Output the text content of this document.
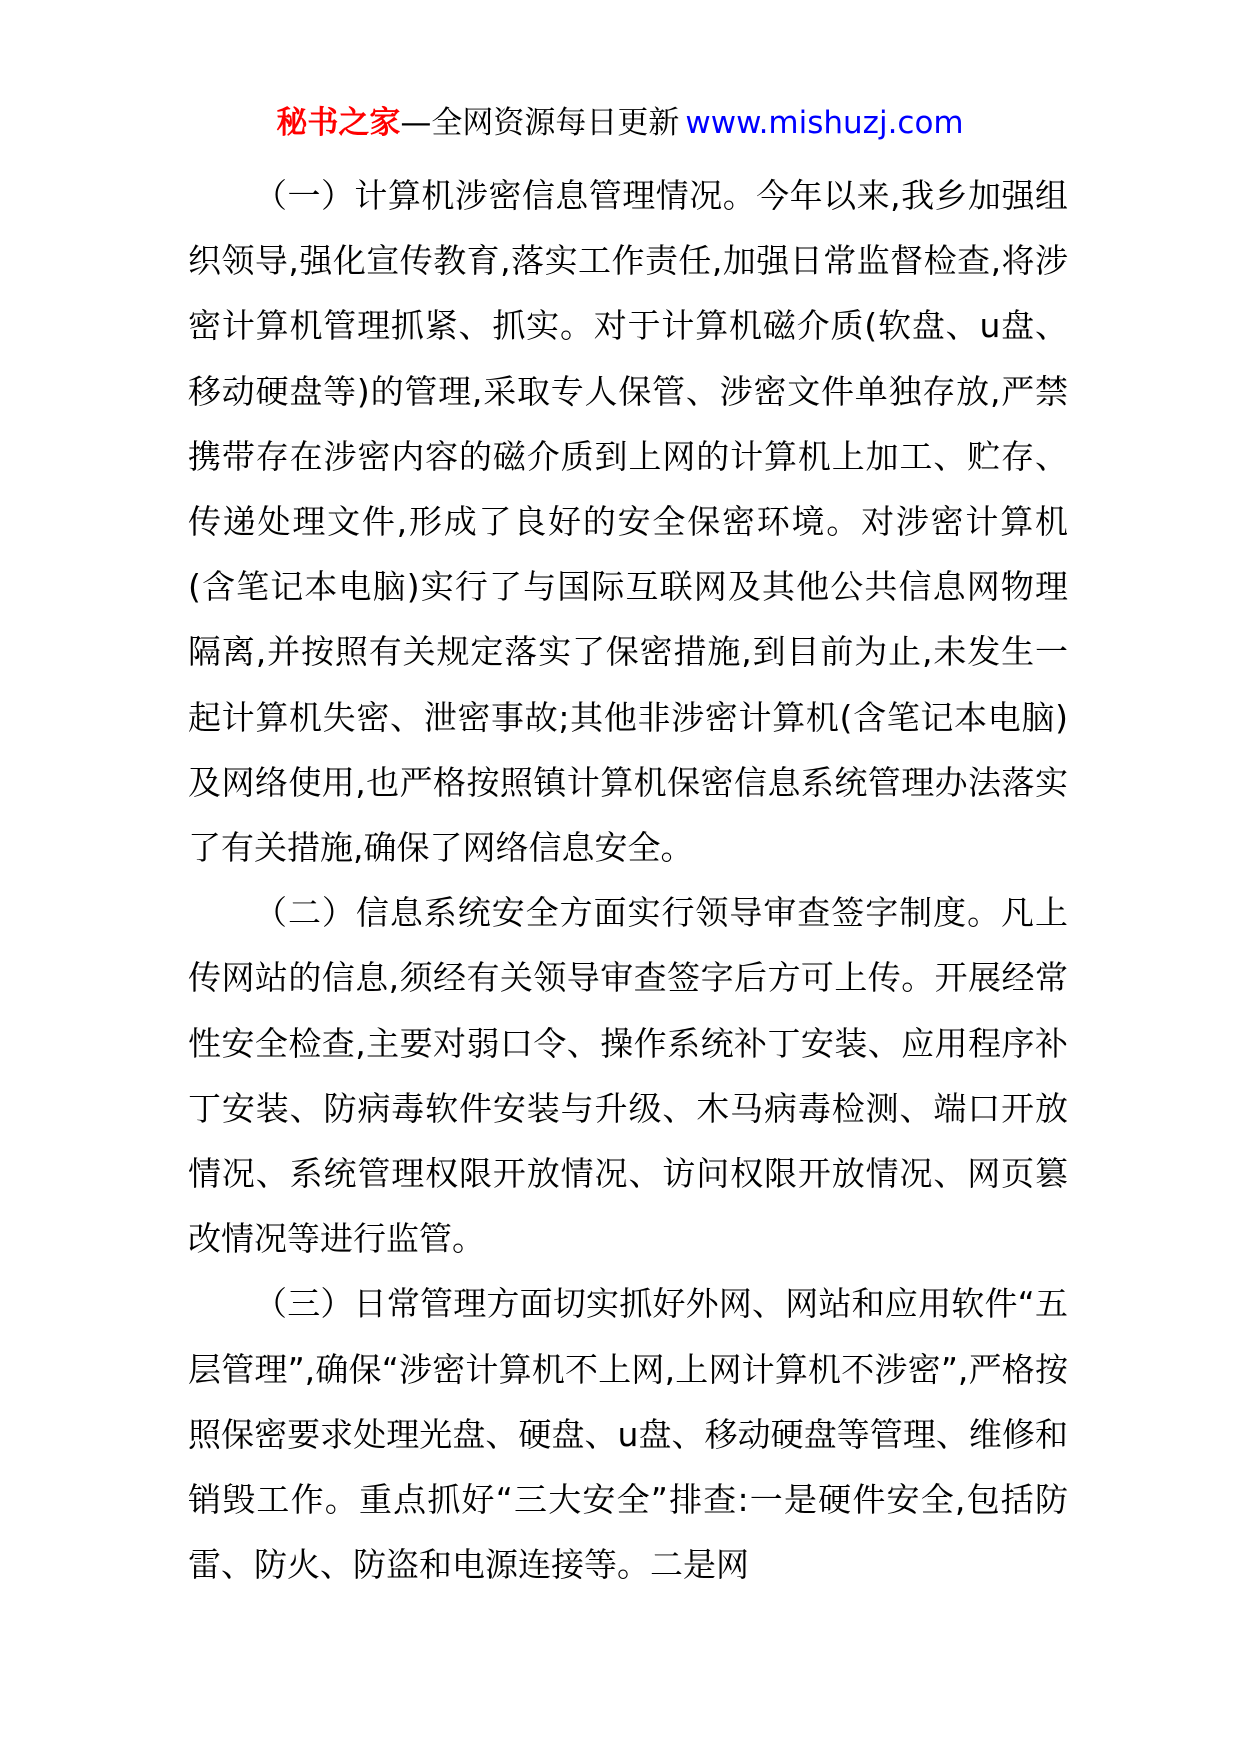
秘书之家—全网资源每日更新 www.mishuzj.com

（一）计算机涉密信息管理情况。今年以来,我乡加强组织领导,强化宣传教育,落实工作责任,加强日常监督检查,将涉密计算机管理抓紧、抓实。对于计算机磁介质(软盘、u盘、移动硬盘等)的管理,采取专人保管、涉密文件单独存放,严禁携带存在涉密内容的磁介质到上网的计算机上加工、贮存、传递处理文件,形成了良好的安全保密环境。对涉密计算机(含笔记本电脑)实行了与国际互联网及其他公共信息网物理隔离,并按照有关规定落实了保密措施,到目前为止,未发生一起计算机失密、泄密事故;其他非涉密计算机(含笔记本电脑)及网络使用,也严格按照镇计算机保密信息系统管理办法落实了有关措施,确保了网络信息安全。

（二）信息系统安全方面实行领导审查签字制度。凡上传网站的信息,须经有关领导审查签字后方可上传。开展经常性安全检查,主要对弱口令、操作系统补丁安装、应用程序补丁安装、防病毒软件安装与升级、木马病毒检测、端口开放情况、系统管理权限开放情况、访问权限开放情况、网页篡改情况等进行监管。

（三）日常管理方面切实抓好外网、网站和应用软件“五层管理”,确保“涉密计算机不上网,上网计算机不涉密”,严格按照保密要求处理光盘、硬盘、u盘、移动硬盘等管理、维修和销毁工作。重点抓好“三大安全”排查:一是硬件安全,包括防雷、防火、防盗和电源连接等。二是网
